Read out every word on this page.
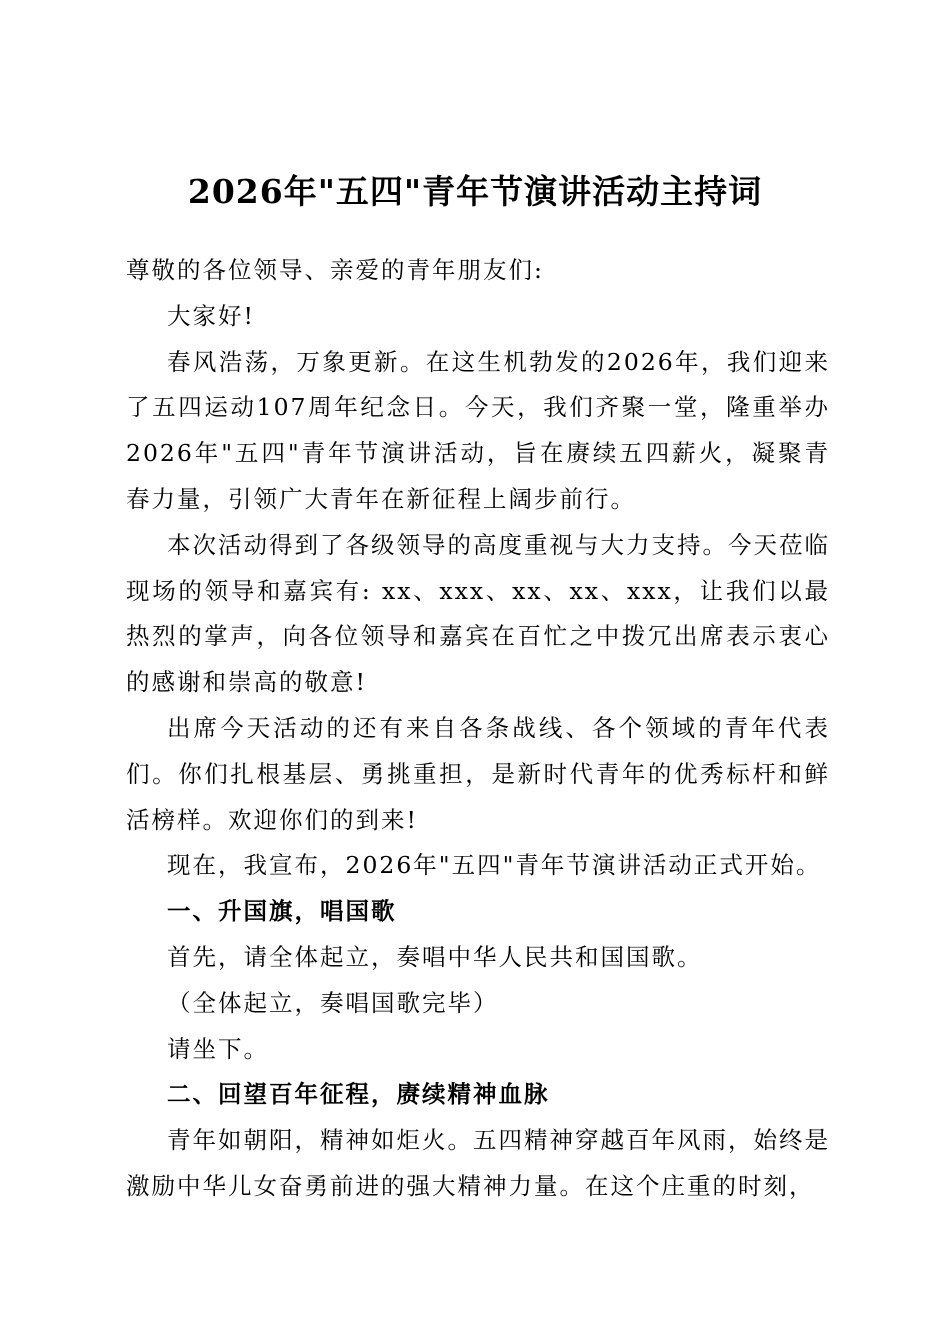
2026年"五四"青年节演讲活动主持词

尊敬的各位领导、亲爱的青年朋友们:

大家好!

春风浩荡，万象更新。在这生机勃发的2026年，我们迎来了五四运动107周年纪念日。今天，我们齐聚一堂，隆重举办2026年"五四"青年节演讲活动，旨在赓续五四薪火，凝聚青春力量，引领广大青年在新征程上阔步前行。

本次活动得到了各级领导的高度重视与大力支持。今天莅临现场的领导和嘉宾有: xx、xxx、xx、xx、xxx，让我们以最热烈的掌声，向各位领导和嘉宾在百忙之中拨冗出席表示衷心的感谢和崇高的敬意!

出席今天活动的还有来自各条战线、各个领域的青年代表们。你们扎根基层、勇挑重担，是新时代青年的优秀标杆和鲜活榜样。欢迎你们的到来!

现在，我宣布，2026年"五四"青年节演讲活动正式开始。

一、升国旗，唱国歌

首先，请全体起立，奏唱中华人民共和国国歌。

（全体起立，奏唱国歌完毕）

请坐下。

二、回望百年征程，赓续精神血脉

青年如朝阳，精神如炬火。五四精神穿越百年风雨，始终是激励中华儿女奋勇前进的强大精神力量。在这个庄重的时刻，
